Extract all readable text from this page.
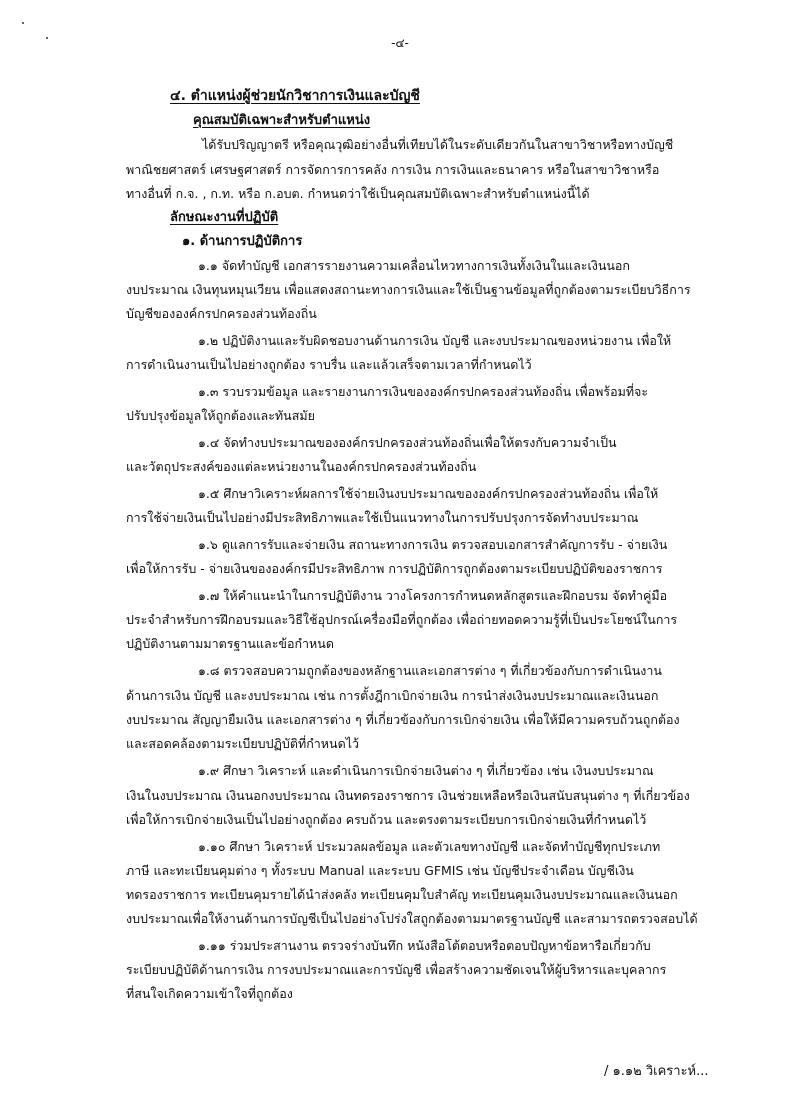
-๔-
๔. ตำแหน่งผู้ช่วยนักวิชาการเงินและบัญชี
คุณสมบัติเฉพาะสำหรับตำแหน่ง
ได้รับปริญญาตรี หรือคุณวุฒิอย่างอื่นที่เทียบได้ในระดับเดียวกันในสาขาวิชาหรือทางบัญชี
พาณิชยศาสตร์ เศรษฐศาสตร์ การจัดการการคลัง การเงิน การเงินและธนาคาร หรือในสาขาวิชาหรือ
ทางอื่นที่ ก.จ. , ก.ท. หรือ ก.อบต. กำหนดว่าใช้เป็นคุณสมบัติเฉพาะสำหรับตำแหน่งนี้ได้
ลักษณะงานที่ปฏิบัติ
๑. ด้านการปฏิบัติการ
๑.๑ จัดทำบัญชี เอกสารรายงานความเคลื่อนไหวทางการเงินทั้งเงินในและเงินนอก
งบประมาณ เงินทุนหมุนเวียน เพื่อแสดงสถานะทางการเงินและใช้เป็นฐานข้อมูลที่ถูกต้องตามระเบียบวิธีการ
บัญชีขององค์กรปกครองส่วนท้องถิ่น
๑.๒ ปฏิบัติงานและรับผิดชอบงานด้านการเงิน บัญชี และงบประมาณของหน่วยงาน เพื่อให้
การดำเนินงานเป็นไปอย่างถูกต้อง ราบรื่น และแล้วเสร็จตามเวลาที่กำหนดไว้
๑.๓ รวบรวมข้อมูล และรายงานการเงินขององค์กรปกครองส่วนท้องถิ่น เพื่อพร้อมที่จะ
ปรับปรุงข้อมูลให้ถูกต้องและทันสมัย
๑.๔ จัดทำงบประมาณขององค์กรปกครองส่วนท้องถิ่นเพื่อให้ตรงกับความจำเป็น
และวัตถุประสงค์ของแต่ละหน่วยงานในองค์กรปกครองส่วนท้องถิ่น
๑.๕ ศึกษาวิเคราะห์ผลการใช้จ่ายเงินงบประมาณขององค์กรปกครองส่วนท้องถิ่น เพื่อให้
การใช้จ่ายเงินเป็นไปอย่างมีประสิทธิภาพและใช้เป็นแนวทางในการปรับปรุงการจัดทำงบประมาณ
๑.๖ ดูแลการรับและจ่ายเงิน สถานะทางการเงิน ตรวจสอบเอกสารสำคัญการรับ - จ่ายเงิน
เพื่อให้การรับ - จ่ายเงินขององค์กรมีประสิทธิภาพ การปฏิบัติการถูกต้องตามระเบียบปฏิบัติของราชการ
๑.๗ ให้คำแนะนำในการปฏิบัติงาน วางโครงการกำหนดหลักสูตรและฝึกอบรม จัดทำคู่มือ
ประจำสำหรับการฝึกอบรมและวิธีใช้อุปกรณ์เครื่องมือที่ถูกต้อง เพื่อถ่ายทอดความรู้ที่เป็นประโยชน์ในการ
ปฏิบัติงานตามมาตรฐานและข้อกำหนด
๑.๘ ตรวจสอบความถูกต้องของหลักฐานและเอกสารต่าง ๆ ที่เกี่ยวข้องกับการดำเนินงาน
ด้านการเงิน บัญชี และงบประมาณ เช่น การตั้งฎีกาเบิกจ่ายเงิน การนำส่งเงินงบประมาณและเงินนอก
งบประมาณ สัญญายืมเงิน และเอกสารต่าง ๆ ที่เกี่ยวข้องกับการเบิกจ่ายเงิน เพื่อให้มีความครบถ้วนถูกต้อง
และสอดคล้องตามระเบียบปฏิบัติที่กำหนดไว้
๑.๙ ศึกษา วิเคราะห์ และดำเนินการเบิกจ่ายเงินต่าง ๆ ที่เกี่ยวข้อง เช่น เงินงบประมาณ
เงินในงบประมาณ เงินนอกงบประมาณ เงินทดรองราชการ เงินช่วยเหลือหรือเงินสนับสนุนต่าง ๆ ที่เกี่ยวข้อง
เพื่อให้การเบิกจ่ายเงินเป็นไปอย่างถูกต้อง ครบถ้วน และตรงตามระเบียบการเบิกจ่ายเงินที่กำหนดไว้
๑.๑๐ ศึกษา วิเคราะห์ ประมวลผลข้อมูล และตัวเลขทางบัญชี และจัดทำบัญชีทุกประเภท
ภาษี และทะเบียนคุมต่าง ๆ ทั้งระบบ Manual และระบบ GFMIS เช่น บัญชีประจำเดือน บัญชีเงิน
ทดรองราชการ ทะเบียนคุมรายได้นำส่งคลัง ทะเบียนคุมใบสำคัญ ทะเบียนคุมเงินงบประมาณและเงินนอก
งบประมาณเพื่อให้งานด้านการบัญชีเป็นไปอย่างโปร่งใสถูกต้องตามมาตรฐานบัญชี และสามารถตรวจสอบได้
๑.๑๑ ร่วมประสานงาน ตรวจร่างบันทึก หนังสือโต้ตอบหรือตอบปัญหาข้อหารือเกี่ยวกับ
ระเบียบปฏิบัติด้านการเงิน การงบประมาณและการบัญชี เพื่อสร้างความชัดเจนให้ผู้บริหารและบุคลากร
ที่สนใจเกิดความเข้าใจที่ถูกต้อง
/ ๑.๑๒ วิเคราะห์...
